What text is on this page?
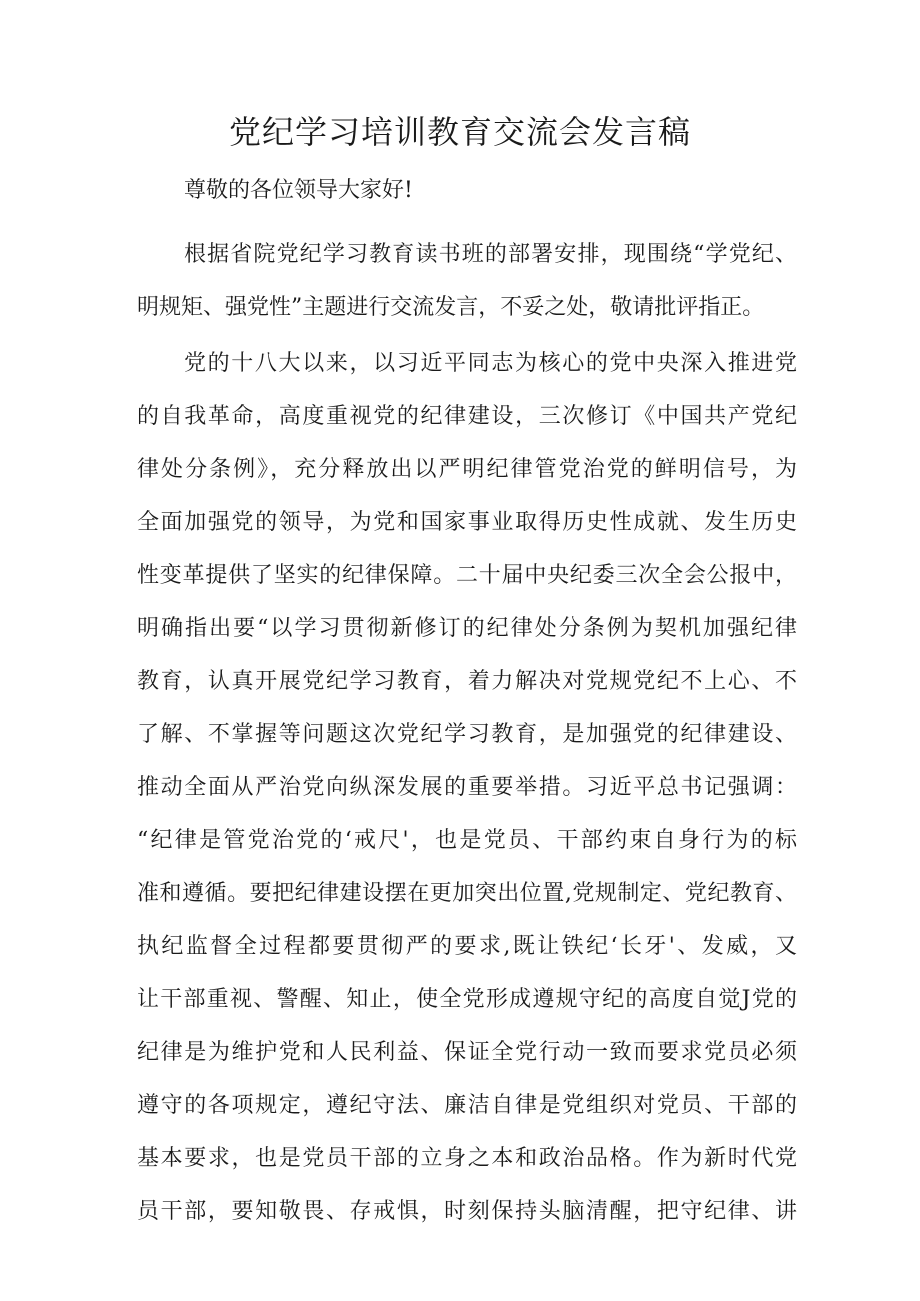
党纪学习培训教育交流会发言稿
尊敬的各位领导大家好!
根据省院党纪学习教育读书班的部署安排，现围绕“学党纪、
明规矩、强党性”主题进行交流发言，不妥之处，敬请批评指正。
党的十八大以来，以习近平同志为核心的党中央深入推进党
的自我革命，高度重视党的纪律建设，三次修订《中国共产党纪
律处分条例》，充分释放出以严明纪律管党治党的鲜明信号，为
全面加强党的领导，为党和国家事业取得历史性成就、发生历史
性变革提供了坚实的纪律保障。二十届中央纪委三次全会公报中，
明确指出要“以学习贯彻新修订的纪律处分条例为契机加强纪律
教育，认真开展党纪学习教育，着力解决对党规党纪不上心、不
了解、不掌握等问题这次党纪学习教育，是加强党的纪律建设、
推动全面从严治党向纵深发展的重要举措。习近平总书记强调：
“纪律是管党治党的‘戒尺'，也是党员、干部约束自身行为的标
准和遵循。要把纪律建设摆在更加突出位置,党规制定、党纪教育、
执纪监督全过程都要贯彻严的要求,既让铁纪‘长牙'、发威，又
让干部重视、警醒、知止，使全党形成遵规守纪的高度自觉J党的
纪律是为维护党和人民利益、保证全党行动一致而要求党员必须
遵守的各项规定，遵纪守法、廉洁自律是党组织对党员、干部的
基本要求，也是党员干部的立身之本和政治品格。作为新时代党
员干部，要知敬畏、存戒惧，时刻保持头脑清醒，把守纪律、讲
